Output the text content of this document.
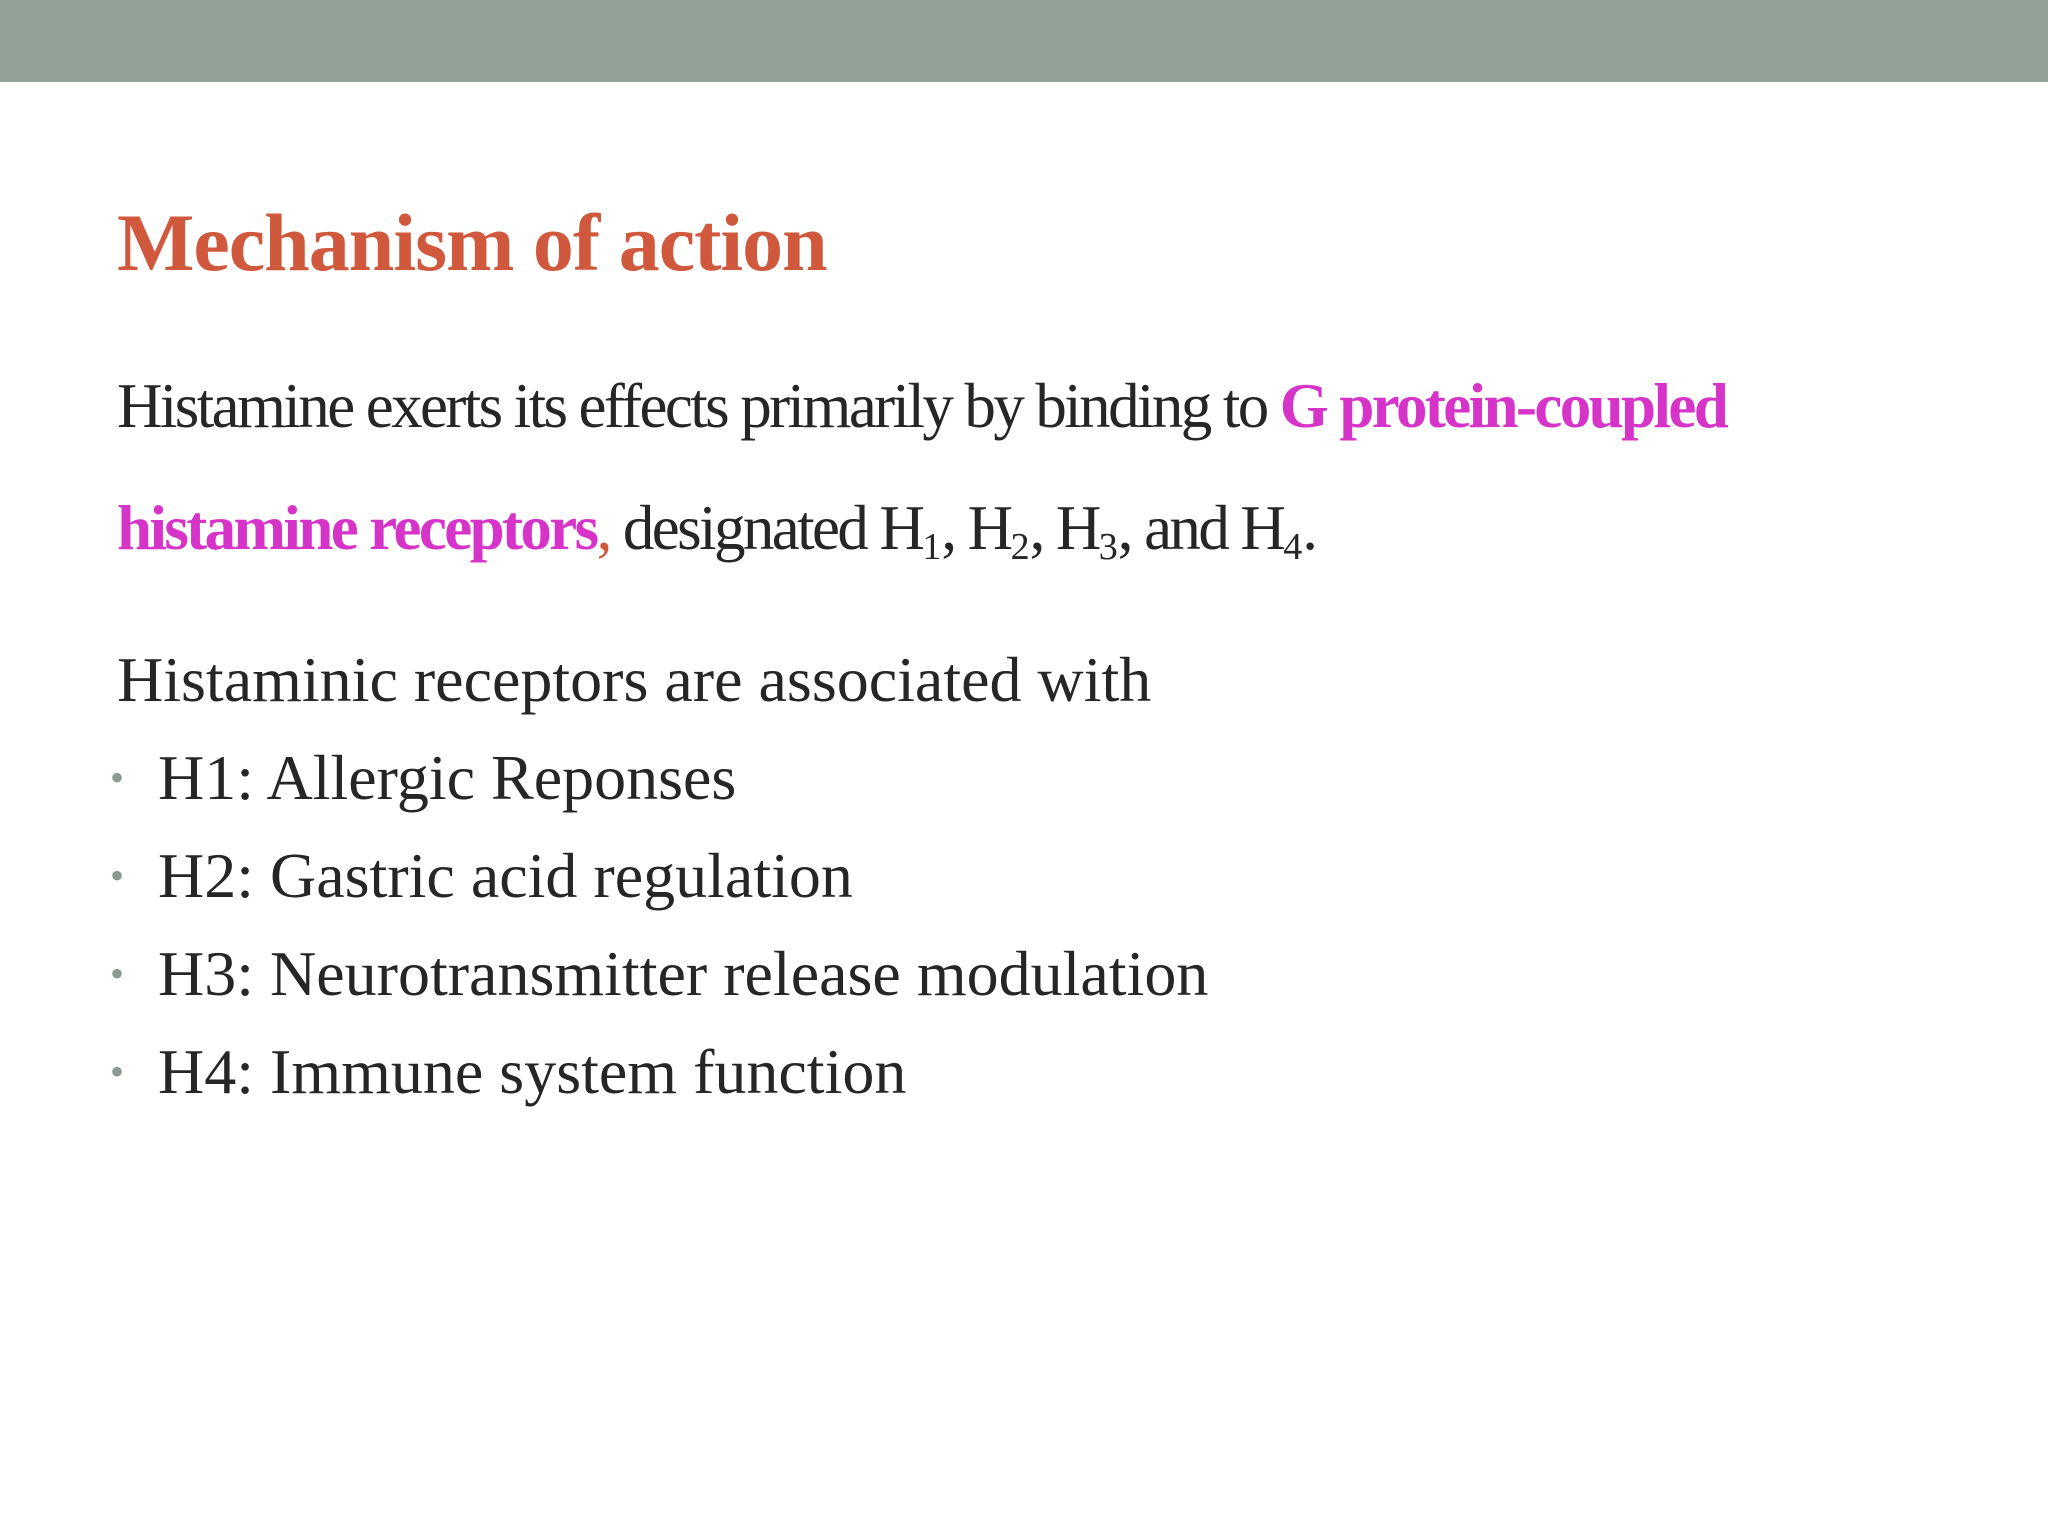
Mechanism of action

Histamine exerts its effects primarily by binding to G protein-coupled
histamine receptors, designated $H_1$, $H_2$, $H_3$, and $H_4$.

Histaminic receptors are associated with

• H1: Allergic Reponses
• H2: Gastric acid regulation
• H3: Neurotransmitter release modulation
• H4: Immune system function
